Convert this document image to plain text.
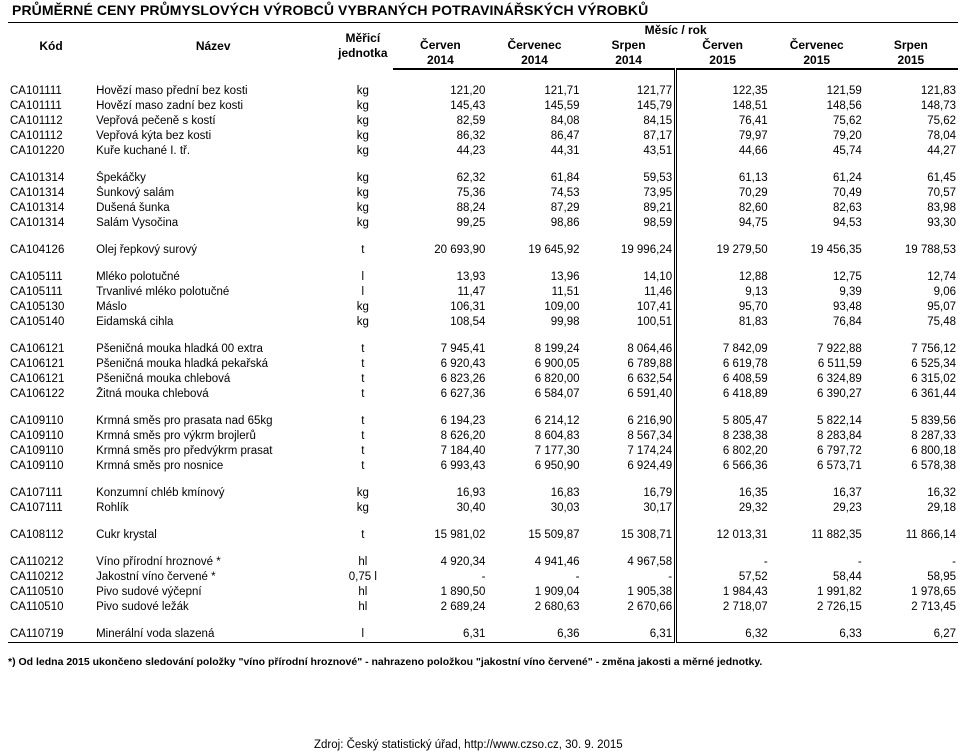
PRŮMĚRNÉ CENY PRŮMYSLOVÝCH VÝROBCŮ VYBRANÝCH POTRAVINÁŘSKÝCH VÝROBKŮ
Kód	Název	Měřicí
jednotka	Měsíc / rok					
			Červen	Červenec	Srpen	Červen	Červenec	Srpen
			2014	2014	2014	2015	2015	2015

CA101111	Hovězí maso přední bez kosti	kg	121,20	121,71	121,77	122,35	121,59	121,83
CA101111	Hovězí maso zadní bez kosti	kg	145,43	145,59	145,79	148,51	148,56	148,73
CA101112	Vepřová pečeně s kostí	kg	82,59	84,08	84,15	76,41	75,62	75,62
CA101112	Vepřová kýta bez kosti	kg	86,32	86,47	87,17	79,97	79,20	78,04
CA101220	Kuře kuchané I. tř.	kg	44,23	44,31	43,51	44,66	45,74	44,27

CA101314	Špekáčky	kg	62,32	61,84	59,53	61,13	61,24	61,45
CA101314	Šunkový salám	kg	75,36	74,53	73,95	70,29	70,49	70,57
CA101314	Dušená šunka	kg	88,24	87,29	89,21	82,60	82,63	83,98
CA101314	Salám Vysočina	kg	99,25	98,86	98,59	94,75	94,53	93,30

CA104126	Olej řepkový surový	t	20 693,90	19 645,92	19 996,24	19 279,50	19 456,35	19 788,53

CA105111	Mléko polotučné	l	13,93	13,96	14,10	12,88	12,75	12,74
CA105111	Trvanlivé mléko polotučné	l	11,47	11,51	11,46	9,13	9,39	9,06
CA105130	Máslo	kg	106,31	109,00	107,41	95,70	93,48	95,07
CA105140	Eidamská cihla	kg	108,54	99,98	100,51	81,83	76,84	75,48

CA106121	Pšeničná mouka hladká 00 extra	t	7 945,41	8 199,24	8 064,46	7 842,09	7 922,88	7 756,12
CA106121	Pšeničná mouka hladká pekařská	t	6 920,43	6 900,05	6 789,88	6 619,78	6 511,59	6 525,34
CA106121	Pšeničná mouka chlebová	t	6 823,26	6 820,00	6 632,54	6 408,59	6 324,89	6 315,02
CA106122	Žitná mouka chlebová	t	6 627,36	6 584,07	6 591,40	6 418,89	6 390,27	6 361,44

CA109110	Krmná směs pro prasata nad 65kg	t	6 194,23	6 214,12	6 216,90	5 805,47	5 822,14	5 839,56
CA109110	Krmná směs pro výkrm brojlerů	t	8 626,20	8 604,83	8 567,34	8 238,38	8 283,84	8 287,33
CA109110	Krmná směs pro předvýkrm prasat	t	7 184,40	7 177,30	7 174,24	6 802,20	6 797,72	6 800,18
CA109110	Krmná směs pro nosnice	t	6 993,43	6 950,90	6 924,49	6 566,36	6 573,71	6 578,38

CA107111	Konzumní chléb kmínový	kg	16,93	16,83	16,79	16,35	16,37	16,32
CA107111	Rohlík	kg	30,40	30,03	30,17	29,32	29,23	29,18

CA108112	Cukr krystal	t	15 981,02	15 509,87	15 308,71	12 013,31	11 882,35	11 866,14

CA110212	Víno přírodní hroznové *	hl	4 920,34	4 941,46	4 967,58	-	-	-
CA110212	Jakostní víno červené *	0,75 l	-	-	-	57,52	58,44	58,95
CA110510	Pivo sudové výčepní	hl	1 890,50	1 909,04	1 905,38	1 984,43	1 991,82	1 978,65
CA110510	Pivo sudové ležák	hl	2 689,24	2 680,63	2 670,66	2 718,07	2 726,15	2 713,45

CA110719	Minerální voda slazená	l	6,31	6,36	6,31	6,32	6,33	6,27
*) Od ledna 2015 ukončeno sledování položky "víno přírodní hroznové" - nahrazeno položkou "jakostní víno červené" - změna jakosti a měrné jednotky.
Zdroj: Český statistický úřad, http://www.czso.cz, 30. 9. 2015
